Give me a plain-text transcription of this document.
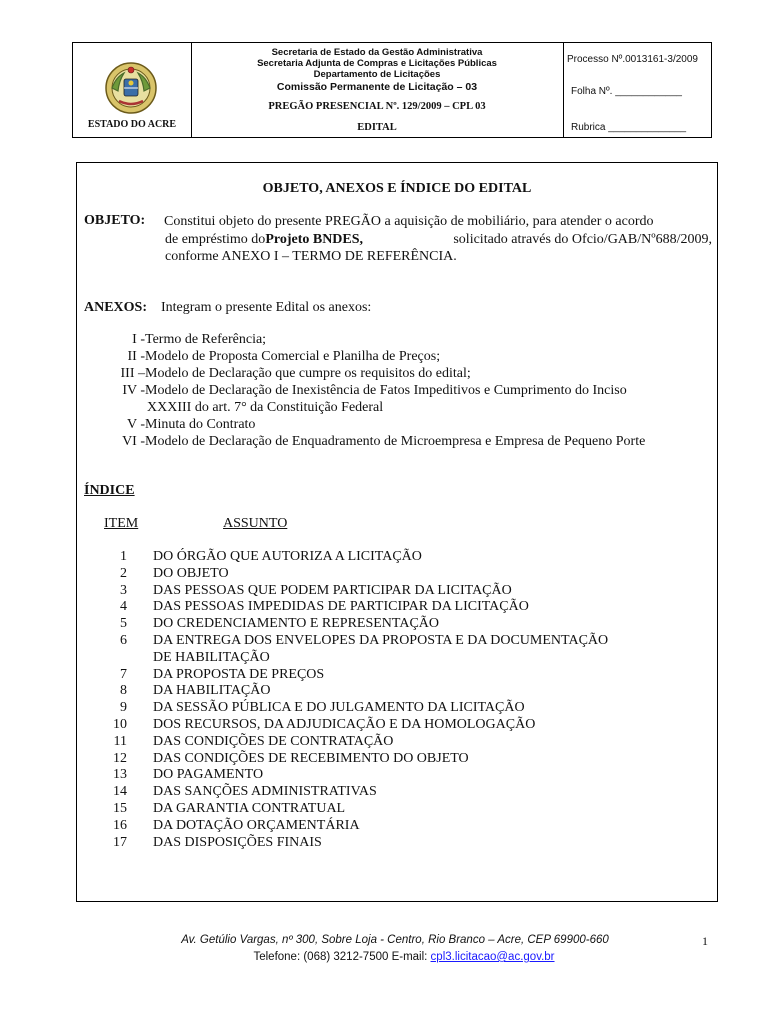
ESTADO DO ACRE
Secretaria de Estado da Gestão Administrativa
Secretaria Adjunta de Compras e Licitações Públicas
Departamento de Licitações
Comissão Permanente de Licitação – 03
PREGÃO PRESENCIAL Nº. 129/2009 – CPL 03
EDITAL
Processo Nº.0013161-3/2009
Folha Nº. ____________
Rubrica ______________
OBJETO, ANEXOS E ÍNDICE DO EDITAL
OBJETO: Constitui objeto do presente PREGÃO a aquisição de mobiliário, para atender o acordo
de empréstimo do Projeto BNDES,	solicitado através do Ofcio/GAB/Nº688/2009,
conforme ANEXO I – TERMO DE REFERÊNCIA.
ANEXOS: Integram o presente Edital os anexos:
I - Termo de Referência;
II - Modelo de Proposta Comercial e Planilha de Preços;
III – Modelo de Declaração que cumpre os requisitos do edital;
IV - Modelo de Declaração de Inexistência de Fatos Impeditivos e Cumprimento do Inciso
XXXIII do art. 7° da Constituição Federal
V - Minuta do Contrato
VI - Modelo de Declaração de Enquadramento de Microempresa e Empresa de Pequeno Porte
ÍNDICE
ITEM	ASSUNTO
1 DO ÓRGÃO QUE AUTORIZA A LICITAÇÃO
2 DO OBJETO
3 DAS PESSOAS QUE PODEM PARTICIPAR DA LICITAÇÃO
4 DAS PESSOAS IMPEDIDAS DE PARTICIPAR DA LICITAÇÃO
5 DO CREDENCIAMENTO E REPRESENTAÇÃO
6 DA ENTREGA DOS ENVELOPES DA PROPOSTA E DA DOCUMENTAÇÃO
DE HABILITAÇÃO
7 DA PROPOSTA DE PREÇOS
8 DA HABILITAÇÃO
9 DA SESSÃO PÚBLICA E DO JULGAMENTO DA LICITAÇÃO
10 DOS RECURSOS, DA ADJUDICAÇÃO E DA HOMOLOGAÇÃO
11 DAS CONDIÇÕES DE CONTRATAÇÃO
12 DAS CONDIÇÕES DE RECEBIMENTO DO OBJETO
13 DO PAGAMENTO
14 DAS SANÇÕES ADMINISTRATIVAS
15 DA GARANTIA CONTRATUAL
16 DA DOTAÇÃO ORÇAMENTÁRIA
17 DAS DISPOSIÇÕES FINAIS
Av. Getúlio Vargas, nº 300, Sobre Loja - Centro, Rio Branco – Acre, CEP 69900-660
Telefone: (068) 3212-7500 E-mail: cpl3.licitacao@ac.gov.br
1
